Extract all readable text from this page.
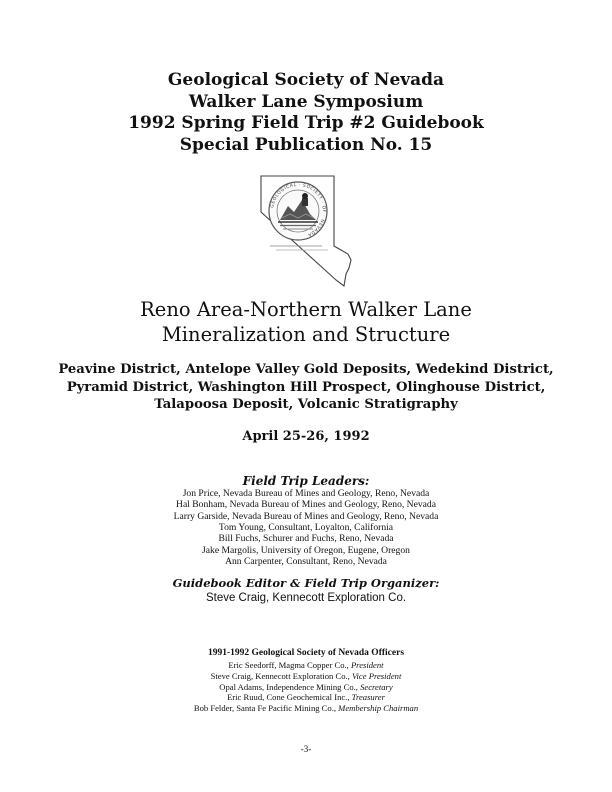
Geological Society of Nevada
Walker Lane Symposium
1992 Spring Field Trip #2 Guidebook
Special Publication No. 15
GEOLOGICAL · SOCIETY · OF · NEVADA
Reno Area-Northern Walker Lane
Mineralization and Structure
Peavine District, Antelope Valley Gold Deposits, Wedekind District,
Pyramid District, Washington Hill Prospect, Olinghouse District,
Talapoosa Deposit, Volcanic Stratigraphy
April 25-26, 1992
Field Trip Leaders:
Jon Price, Nevada Bureau of Mines and Geology, Reno, Nevada
Hal Bonham, Nevada Bureau of Mines and Geology, Reno, Nevada
Larry Garside, Nevada Bureau of Mines and Geology, Reno, Nevada
Tom Young, Consultant, Loyalton, California
Bill Fuchs, Schurer and Fuchs, Reno, Nevada
Jake Margolis, University of Oregon, Eugene, Oregon
Ann Carpenter, Consultant, Reno, Nevada
Guidebook Editor & Field Trip Organizer:
Steve Craig, Kennecott Exploration Co.
1991-1992 Geological Society of Nevada Officers
Eric Seedorff, Magma Copper Co., President
Steve Craig, Kennecott Exploration Co., Vice President
Opal Adams, Independence Mining Co., Secretary
Eric Ruud, Cone Geochemical Inc., Treasurer
Bob Felder, Santa Fe Pacific Mining Co., Membership Chairman
-3-
